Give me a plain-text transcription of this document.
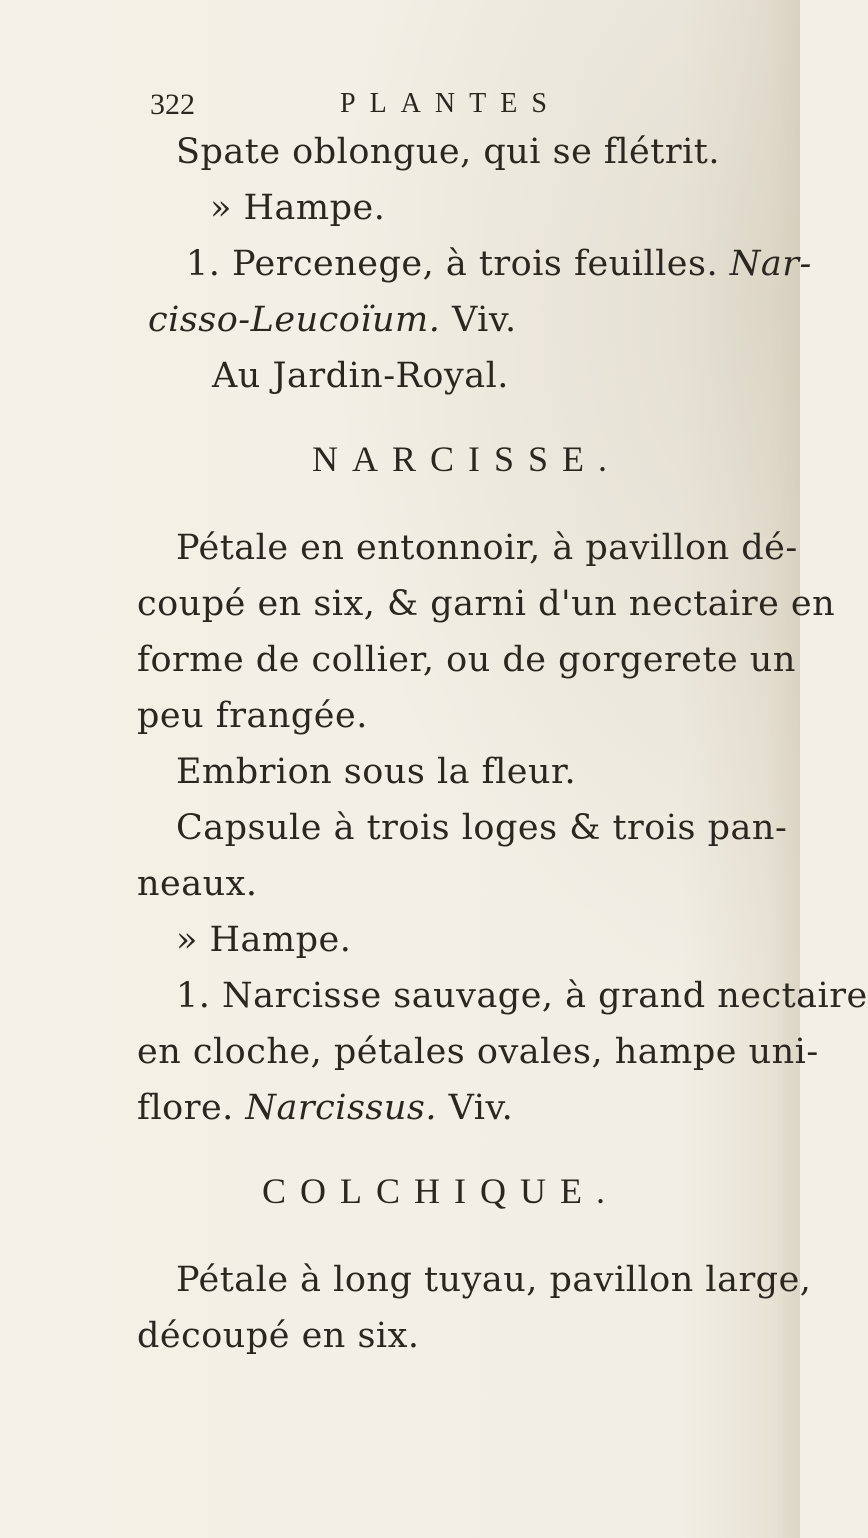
322	PLANTES
Spate oblongue, qui se flétrit.
» Hampe.
1. Percenege, à trois feuilles. Nar-
cisso-Leucoïum. Viv.
Au Jardin-Royal.
NARCISSE.
Pétale en entonnoir, à pavillon dé-
coupé en six, & garni d'un nectaire en
forme de collier, ou de gorgerete un
peu frangée.
Embrion sous la fleur.
Capsule à trois loges & trois pan-
neaux.
» Hampe.
1. Narcisse sauvage, à grand nectaire
en cloche, pétales ovales, hampe uni-
flore. Narcissus. Viv.
COLCHIQUE.
Pétale à long tuyau, pavillon large,
découpé en six.
